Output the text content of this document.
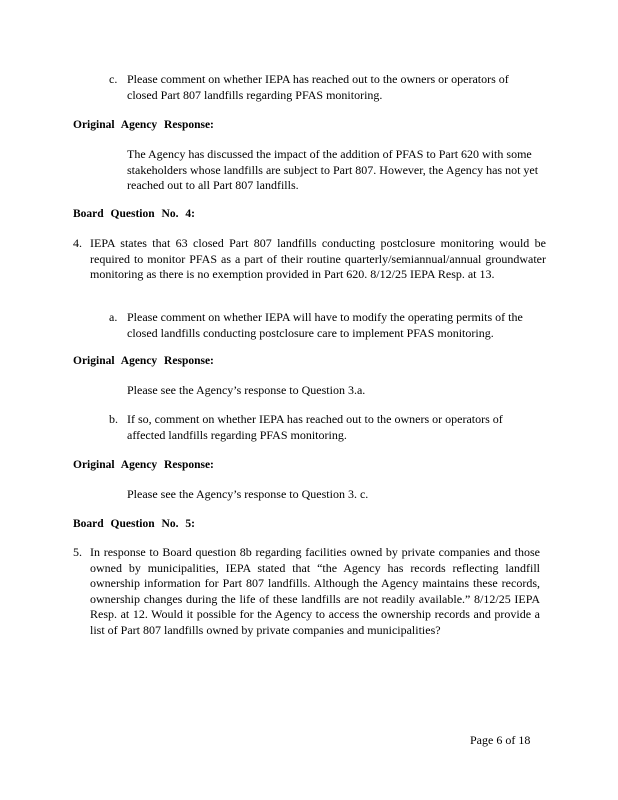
c. Please comment on whether IEPA has reached out to the owners or operators of closed Part 807 landfills regarding PFAS monitoring.
Original Agency Response:
The Agency has discussed the impact of the addition of PFAS to Part 620 with some stakeholders whose landfills are subject to Part 807. However, the Agency has not yet reached out to all Part 807 landfills.
Board Question No. 4:
4. IEPA states that 63 closed Part 807 landfills conducting postclosure monitoring would be required to monitor PFAS as a part of their routine quarterly/semiannual/annual groundwater monitoring as there is no exemption provided in Part 620. 8/12/25 IEPA Resp. at 13.
a. Please comment on whether IEPA will have to modify the operating permits of the closed landfills conducting postclosure care to implement PFAS monitoring.
Original Agency Response:
Please see the Agency’s response to Question 3.a.
b. If so, comment on whether IEPA has reached out to the owners or operators of affected landfills regarding PFAS monitoring.
Original Agency Response:
Please see the Agency’s response to Question 3. c.
Board Question No. 5:
5. In response to Board question 8b regarding facilities owned by private companies and those owned by municipalities, IEPA stated that “the Agency has records reflecting landfill ownership information for Part 807 landfills. Although the Agency maintains these records, ownership changes during the life of these landfills are not readily available.” 8/12/25 IEPA Resp. at 12. Would it possible for the Agency to access the ownership records and provide a list of Part 807 landfills owned by private companies and municipalities?
Page 6 of 18
